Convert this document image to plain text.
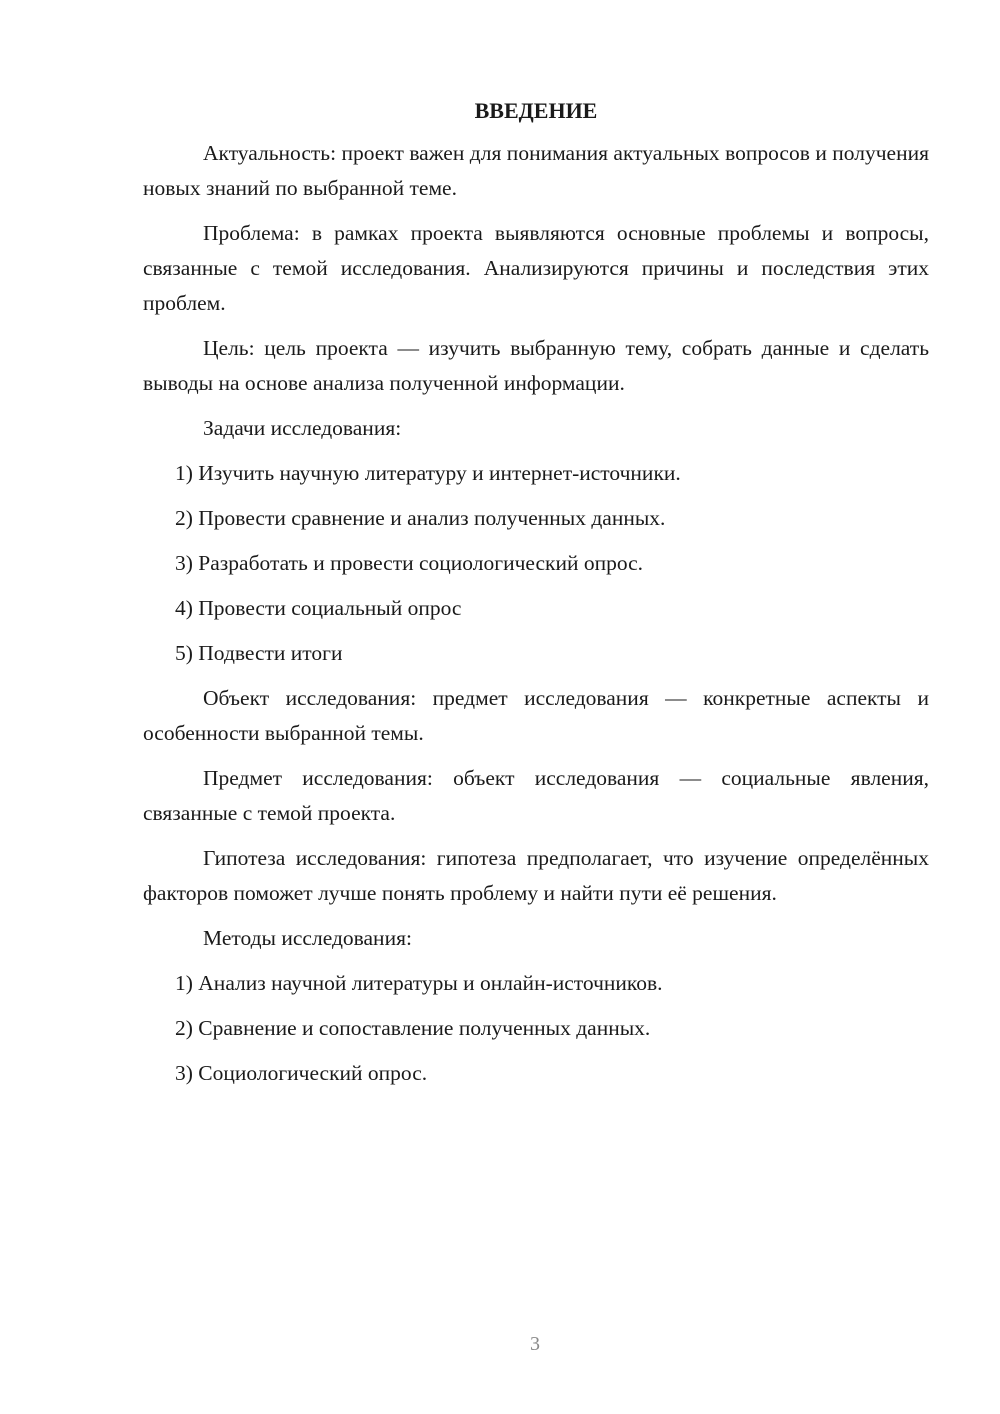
ВВЕДЕНИЕ

Актуальность: проект важен для понимания актуальных вопросов и получения новых знаний по выбранной теме.

Проблема: в рамках проекта выявляются основные проблемы и вопросы, связанные с темой исследования. Анализируются причины и последствия этих проблем.

Цель: цель проекта — изучить выбранную тему, собрать данные и сделать выводы на основе анализа полученной информации.

Задачи исследования:

1) Изучить научную литературу и интернет-источники.

2) Провести сравнение и анализ полученных данных.

3) Разработать и провести социологический опрос.

4) Провести социальный опрос

5) Подвести итоги

Объект исследования: предмет исследования — конкретные аспекты и особенности выбранной темы.

Предмет исследования: объект исследования — социальные явления, связанные с темой проекта.

Гипотеза исследования: гипотеза предполагает, что изучение определённых факторов поможет лучше понять проблему и найти пути её решения.

Методы исследования:

1) Анализ научной литературы и онлайн-источников.

2) Сравнение и сопоставление полученных данных.

3) Социологический опрос.

3
